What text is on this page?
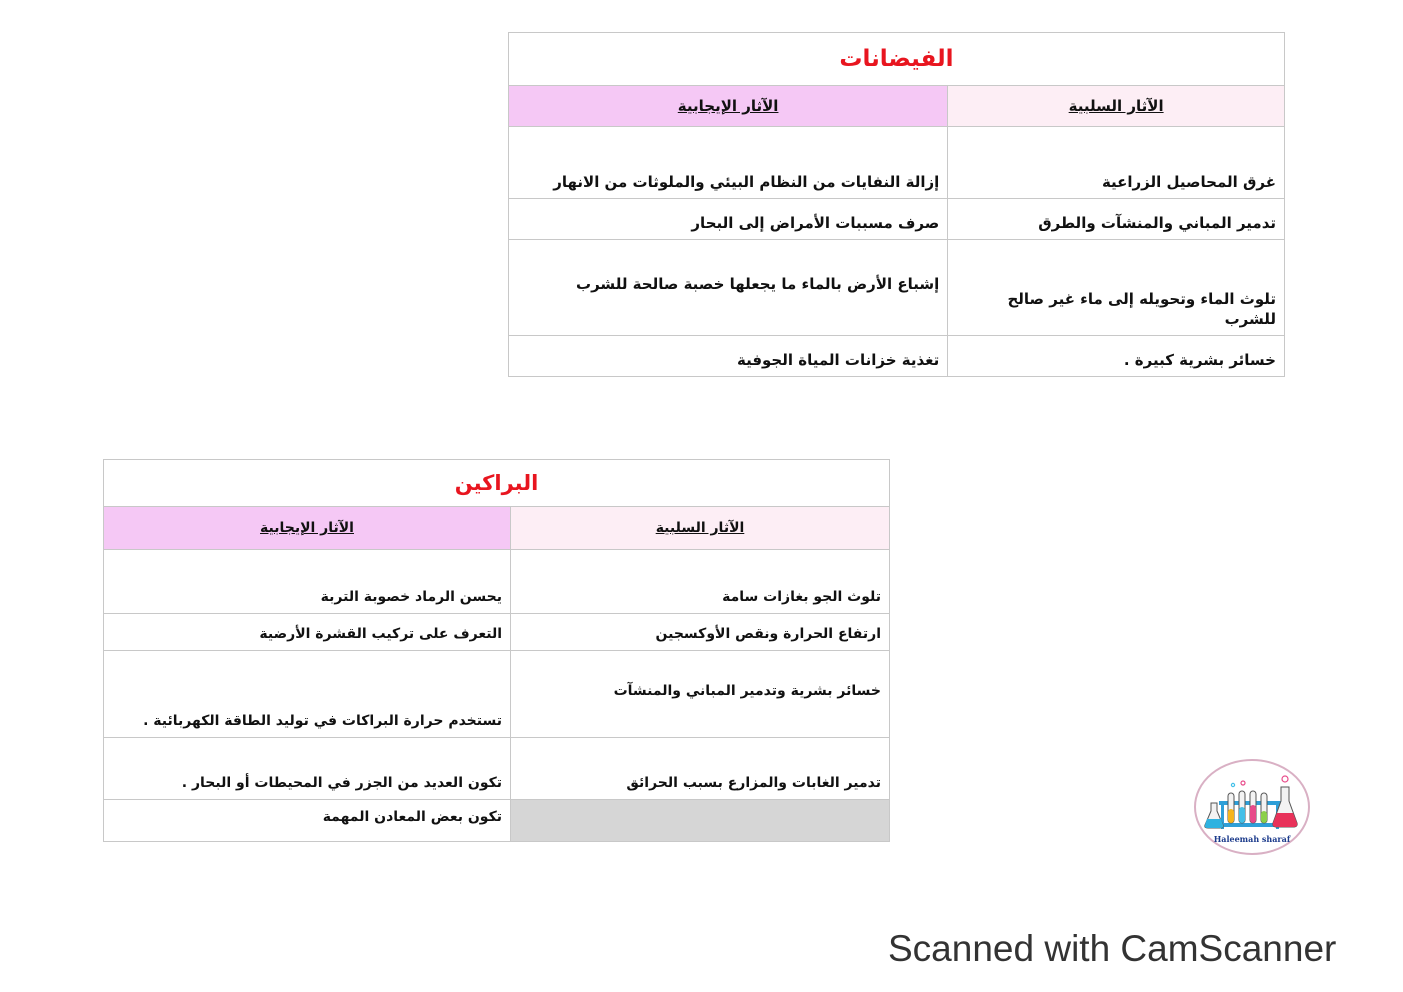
الفيضانات	
الآثار السلبية	الآثار الإيجابية
غرق المحاصيل الزراعية	إزالة النفايات من النظام البيئي والملوثات من الانهار
تدمير المباني والمنشآت والطرق	صرف مسببات الأمراض إلى البحار
تلوث الماء وتحويله إلى ماء غير صالح للشرب	إشباع الأرض بالماء ما يجعلها خصبة صالحة للشرب
خسائر بشرية كبيرة .	تغذية خزانات المياة الجوفية
البراكين	
الآثار السلبية	الآثار الإيجابية
تلوث الجو بغازات سامة	يحسن الرماد خصوبة التربة
ارتفاع الحرارة ونقص الأوكسجين	التعرف على تركيب القشرة الأرضية
خسائر بشرية وتدمير المباني والمنشآت	تستخدم حرارة البراكات في توليد الطاقة الكهربائية .
تدمير الغابات والمزارع بسبب الحرائق	تكون العديد من الجزر في المحيطات أو البحار .
	تكون بعض المعادن المهمة
Haleemah sharaf
Scanned with CamScanner
